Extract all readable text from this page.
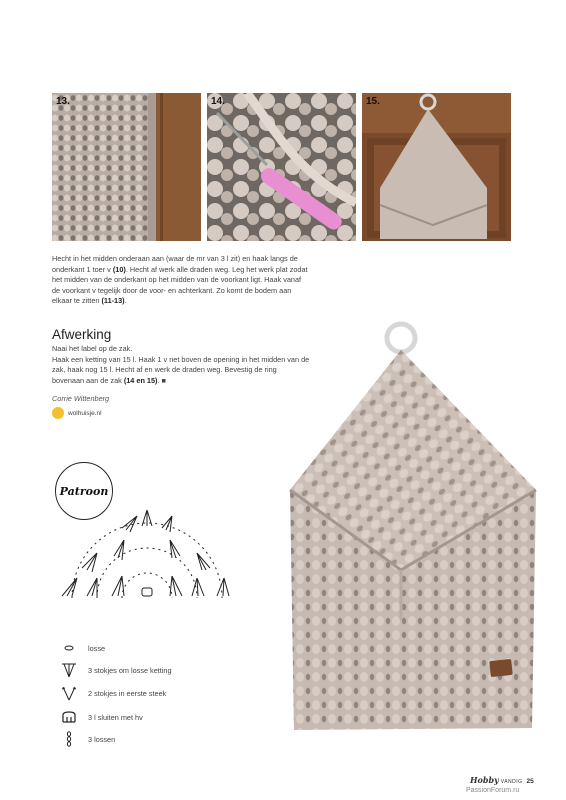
13.	14.	15.
Hecht in het midden onderaan aan (waar de mr van 3 l zit) en haak langs de onderkant 1 toer v (10). Hecht af werk alle draden weg. Leg het werk plat zodat het midden van de onderkant op het midden van de voorkant ligt. Haak vanaf de voorkant v tegelijk door de voor- en achterkant. Zo komt de bodem aan elkaar te zitten (11-13).
Afwerking
Naai het label op de zak.
Haak een ketting van 15 l. Haak 1 v net boven de opening in het midden van de zak, haak nog 15 l. Hecht af en werk de draden weg. Bevestig de ring bovenaan aan de zak (14 en 15). ■
Corrie Wittenberg
wolhuisje.nl
Patroon
losse
3 stokjes om losse ketting
2 stokjes in eerste steek
3 l sluiten met hv
3 lossen
Hobby VANDIG 25
PassionForum.ru
